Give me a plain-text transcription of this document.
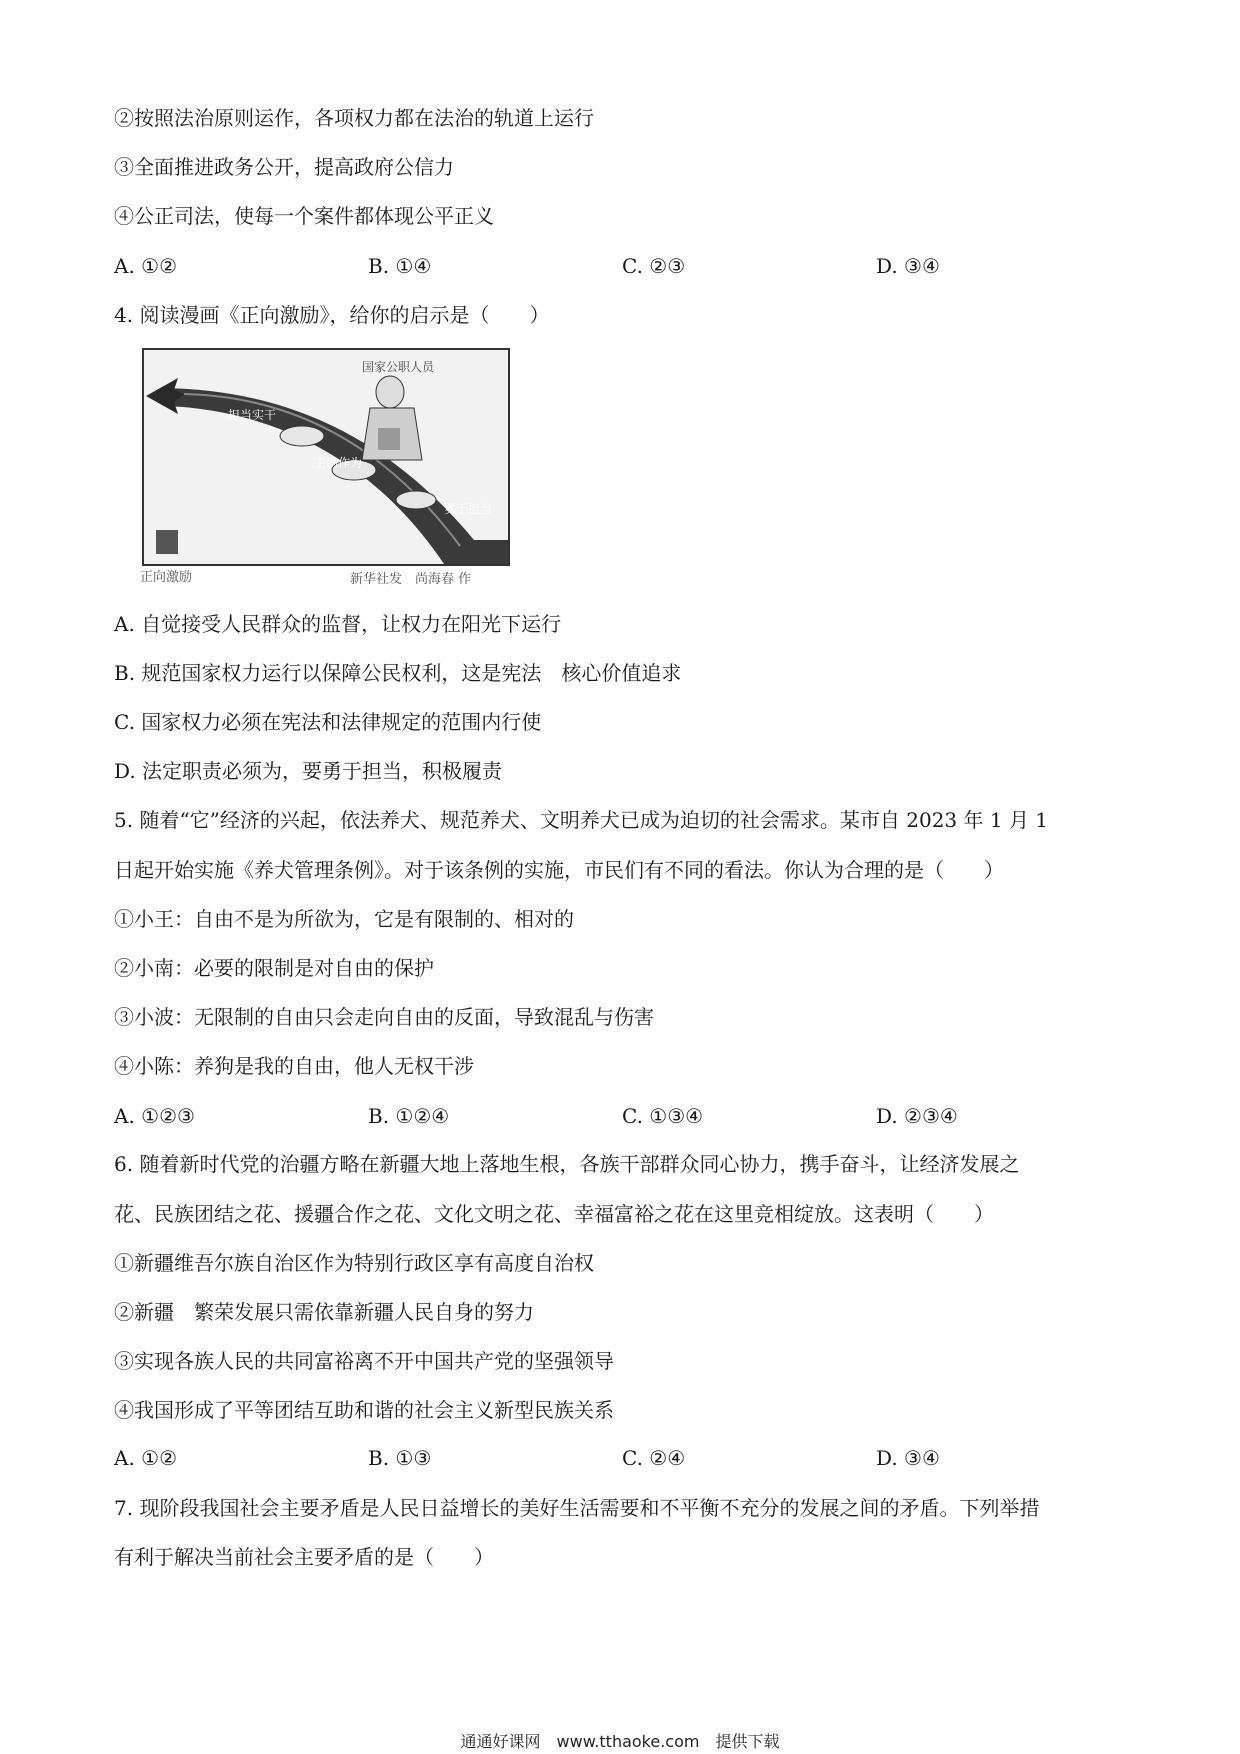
②按照法治原则运作，各项权力都在法治的轨道上运行
③全面推进政务公开，提高政府公信力
④公正司法，使每一个案件都体现公平正义
A. ①②	B. ①④	C. ②③	D. ③④
4. 阅读漫画《正向激励》，给你的启示是（　　）
国家公职人员
担当实干
主动作为
勇于担当
正向激励	新华社发　尚海春 作
A. 自觉接受人民群众的监督，让权力在阳光下运行
B. 规范国家权力运行以保障公民权利，这是宪法　核心价值追求
C. 国家权力必须在宪法和法律规定的范围内行使
D. 法定职责必须为，要勇于担当，积极履责
5. 随着“它”经济的兴起，依法养犬、规范养犬、文明养犬已成为迫切的社会需求。某市自 2023 年 1 月 1
日起开始实施《养犬管理条例》。对于该条例的实施，市民们有不同的看法。你认为合理的是（　　）
①小王：自由不是为所欲为，它是有限制的、相对的
②小南：必要的限制是对自由的保护
③小波：无限制的自由只会走向自由的反面，导致混乱与伤害
④小陈：养狗是我的自由，他人无权干涉
A. ①②③	B. ①②④	C. ①③④	D. ②③④
6. 随着新时代党的治疆方略在新疆大地上落地生根，各族干部群众同心协力，携手奋斗，让经济发展之
花、民族团结之花、援疆合作之花、文化文明之花、幸福富裕之花在这里竞相绽放。这表明（　　）
①新疆维吾尔族自治区作为特别行政区享有高度自治权
②新疆　繁荣发展只需依靠新疆人民自身的努力
③实现各族人民的共同富裕离不开中国共产党的坚强领导
④我国形成了平等团结互助和谐的社会主义新型民族关系
A. ①②	B. ①③	C. ②④	D. ③④
7. 现阶段我国社会主要矛盾是人民日益增长的美好生活需要和不平衡不充分的发展之间的矛盾。下列举措
有利于解决当前社会主要矛盾的是（　　）
通通好课网　www.tthaoke.com　提供下载
